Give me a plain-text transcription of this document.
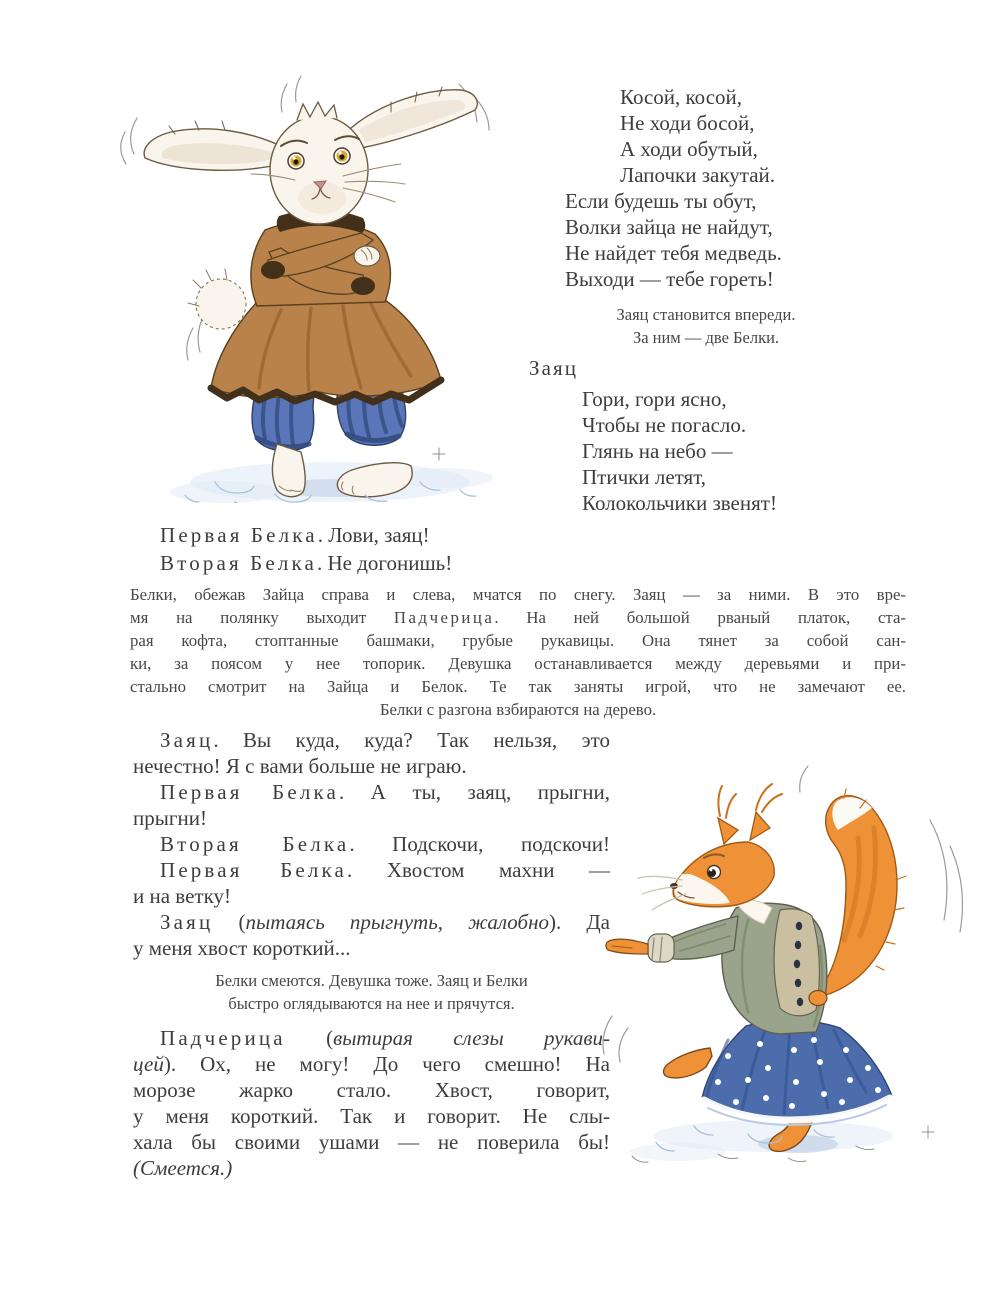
Косой, косой,
Не ходи босой,
А ходи обутый,
Лапочки закутай.
Если будешь ты обут,
Волки зайца не найдут,
Не найдет тебя медведь.
Выходи — тебе гореть!
Заяц становится впереди.
За ним — две Белки.
Заяц
Гори, гори ясно,
Чтобы не погасло.
Глянь на небо —
Птички летят,
Колокольчики звенят!
Первая Белка. Лови, заяц!
Вторая Белка. Не догонишь!
Белки, обежав Зайца справа и слева, мчатся по снегу. Заяц — за ними. В это вре-
мя на полянку выходит Падчерица. На ней большой рваный платок, ста-
рая кофта, стоптанные башмаки, грубые рукавицы. Она тянет за собой сан-
ки, за поясом у нее топорик. Девушка останавливается между деревьями и при-
стально смотрит на Зайца и Белок. Те так заняты игрой, что не замечают ее.
Белки с разгона взбираются на дерево.
Заяц. Вы куда, куда? Так нельзя, это
нечестно! Я с вами больше не играю.
Первая Белка. А ты, заяц, прыгни,
прыгни!
Вторая Белка. Подскочи, подскочи!
Первая Белка. Хвостом махни —
и на ветку!
Заяц (пытаясь прыгнуть, жалобно). Да
у меня хвост короткий...
Белки смеются. Девушка тоже. Заяц и Белки
быстро оглядываются на нее и прячутся.
Падчерица (вытирая слезы рукави-
цей). Ох, не могу! До чего смешно! На
морозе жарко стало. Хвост, говорит,
у меня короткий. Так и говорит. Не слы-
хала бы своими ушами — не поверила бы!
(Смеется.)
